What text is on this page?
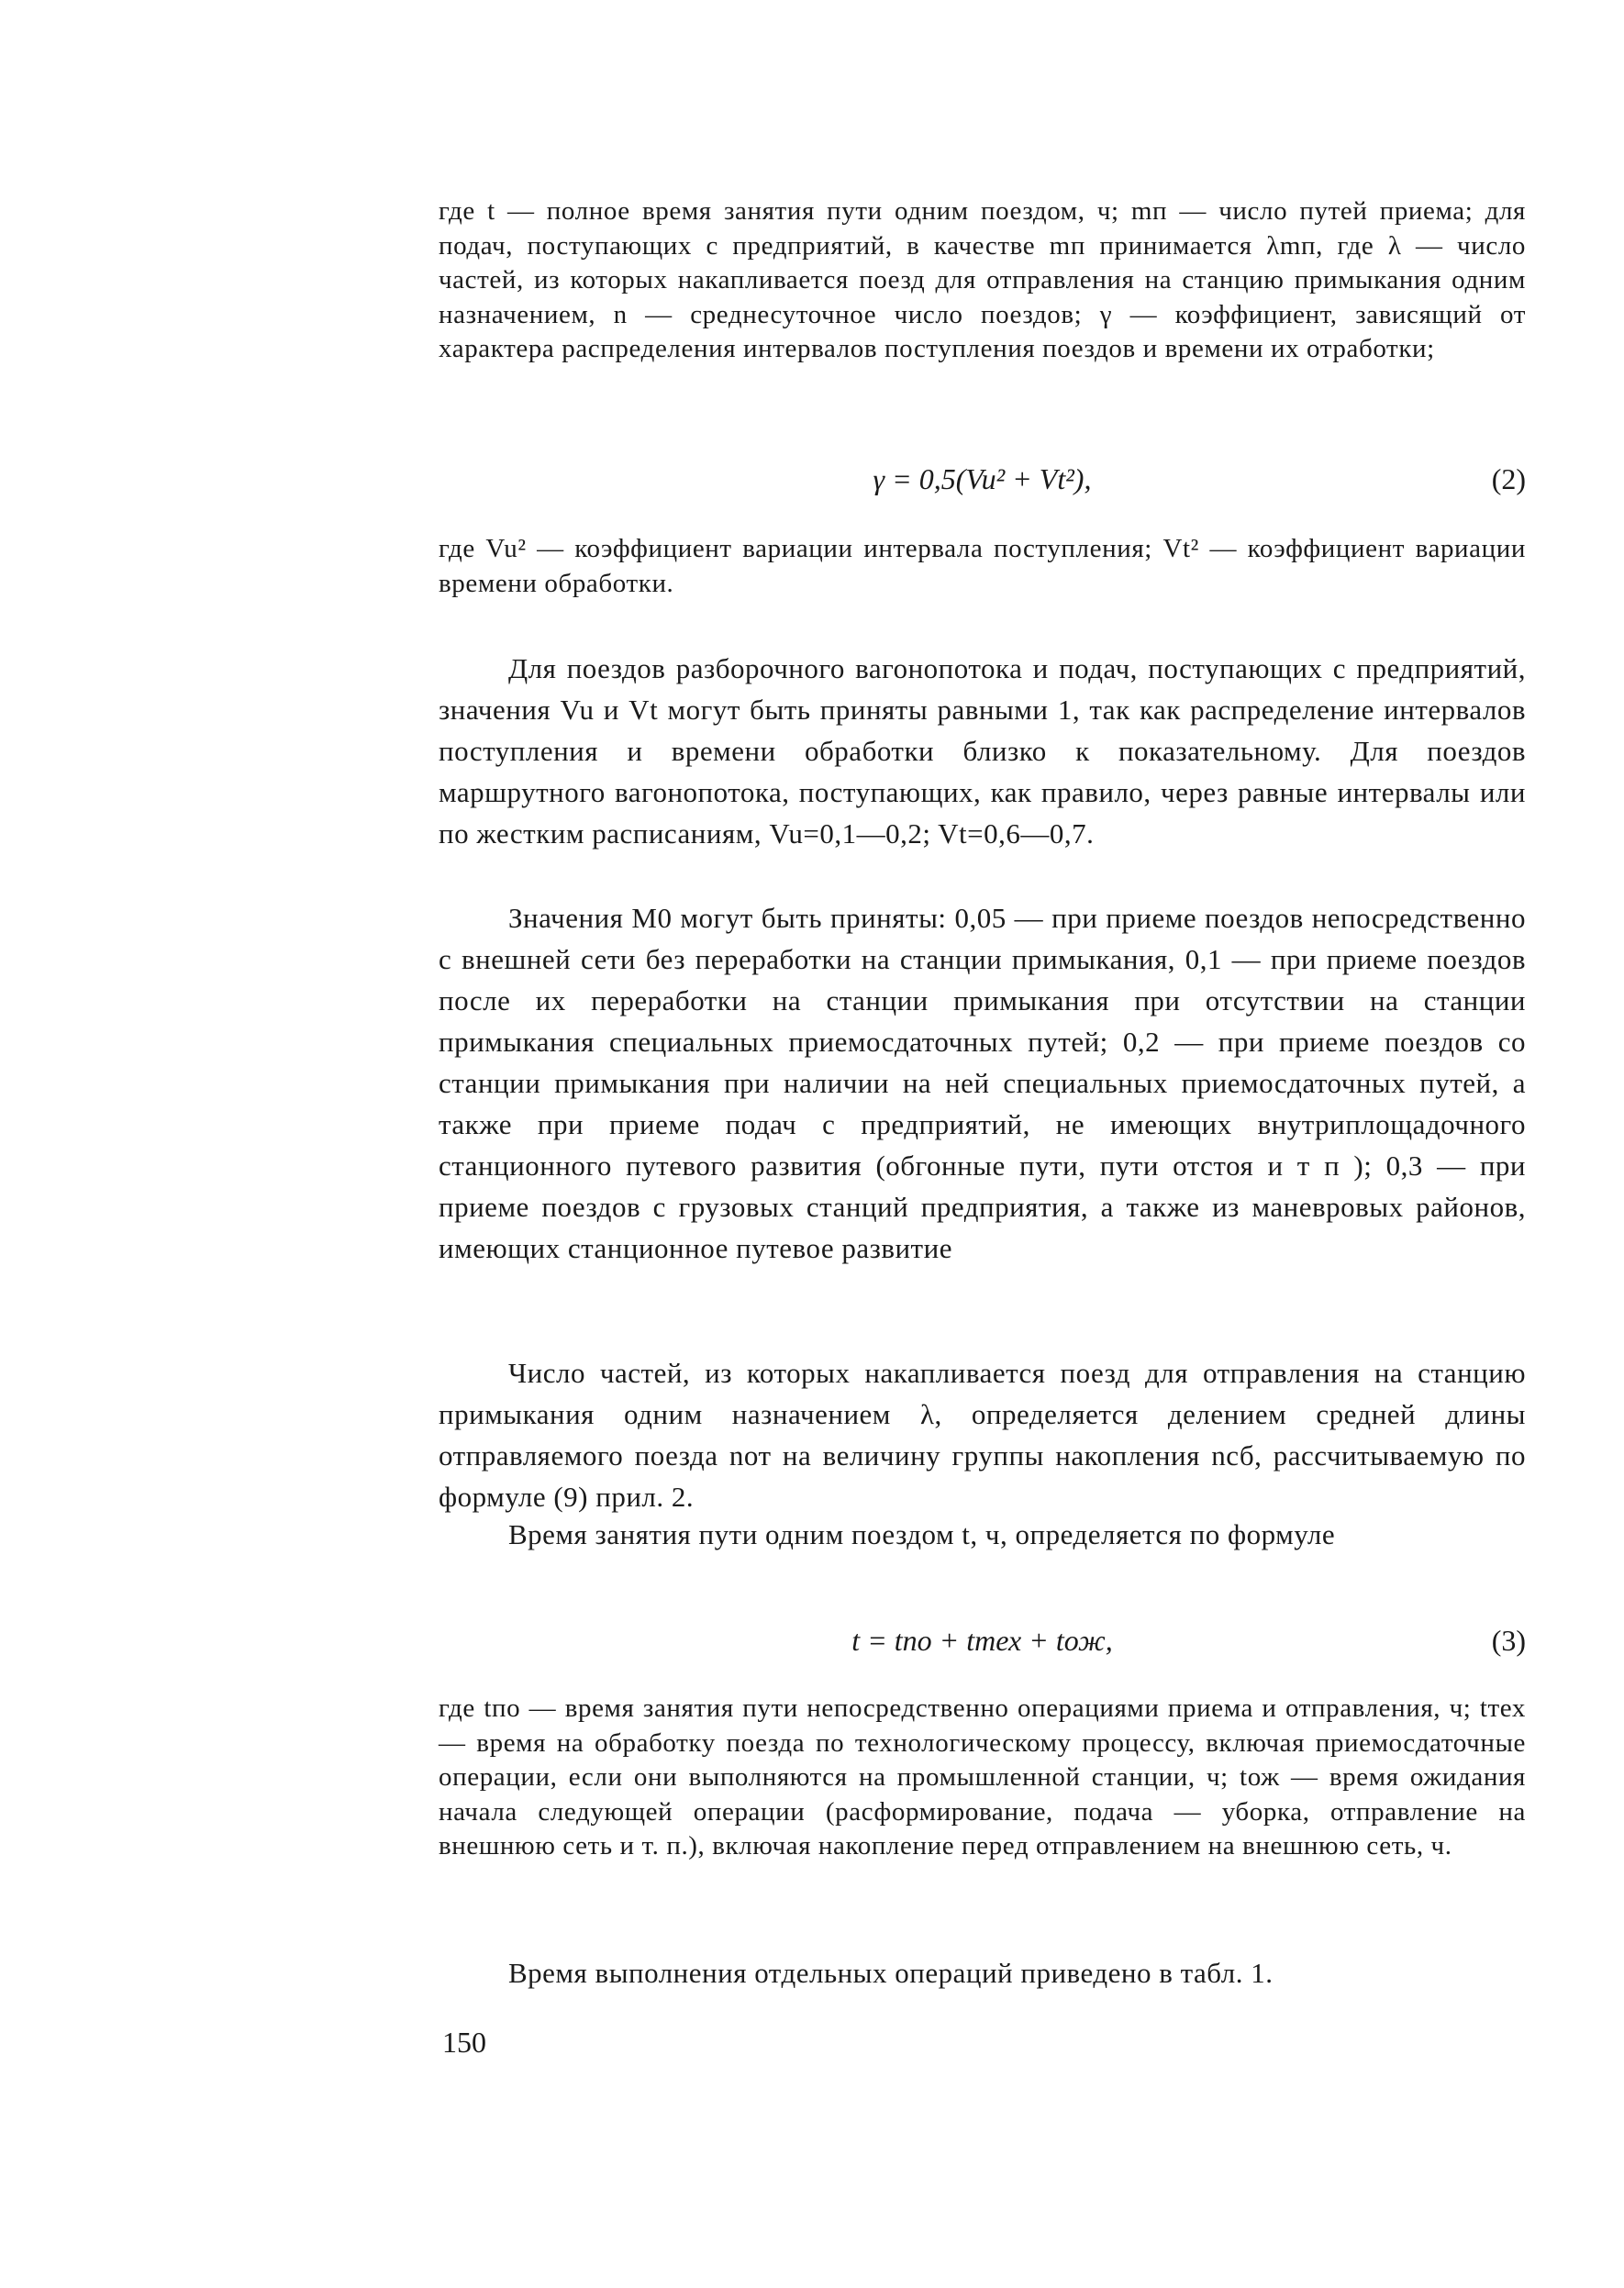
где t — полное время занятия пути одним поездом, ч; mп — число путей приема; для подач, поступающих с предприятий, в качестве mп принимается λmп, где λ — число частей, из которых накапливается поезд для отправления на станцию примыкания одним назначением, n — среднесуточное число поездов; γ — коэффициент, зависящий от характера распределения интервалов поступления поездов и времени их отработки;
γ = 0,5(Vu² + Vt²),	(2)
где Vu² — коэффициент вариации интервала поступления; Vt² — коэффициент вариации времени обработки.
Для поездов разборочного вагонопотока и подач, поступающих с предприятий, значения Vu и Vt могут быть приняты равными 1, так как распределение интервалов поступления и времени обработки близко к показательному. Для поездов маршрутного вагонопотока, поступающих, как правило, через равные интервалы или по жестким расписаниям, Vu=0,1—0,2; Vt=0,6—0,7.
Значения M0 могут быть приняты: 0,05 — при приеме поездов непосредственно с внешней сети без переработки на станции примыкания, 0,1 — при приеме поездов после их переработки на станции примыкания при отсутствии на станции примыкания специальных приемосдаточных путей; 0,2 — при приеме поездов со станции примыкания при наличии на ней специальных приемосдаточных путей, а также при приеме подач с предприятий, не имеющих внутриплощадочного станционного путевого развития (обгонные пути, пути отстоя и т п ); 0,3 — при приеме поездов с грузовых станций предприятия, а также из маневровых районов, имеющих станционное путевое развитие
Число частей, из которых накапливается поезд для отправления на станцию примыкания одним назначением λ, определяется делением средней длины отправляемого поезда nот на величину группы накопления nсб, рассчитываемую по формуле (9) прил. 2.
Время занятия пути одним поездом t, ч, определяется по формуле
t = tпо + tтех + tож,	(3)
где tпо — время занятия пути непосредственно операциями приема и отправления, ч; tтех — время на обработку поезда по технологическому процессу, включая приемосдаточные операции, если они выполняются на промышленной станции, ч; tож — время ожидания начала следующей операции (расформирование, подача — уборка, отправление на внешнюю сеть и т. п.), включая накопление перед отправлением на внешнюю сеть, ч.
Время выполнения отдельных операций приведено в табл. 1.
150
